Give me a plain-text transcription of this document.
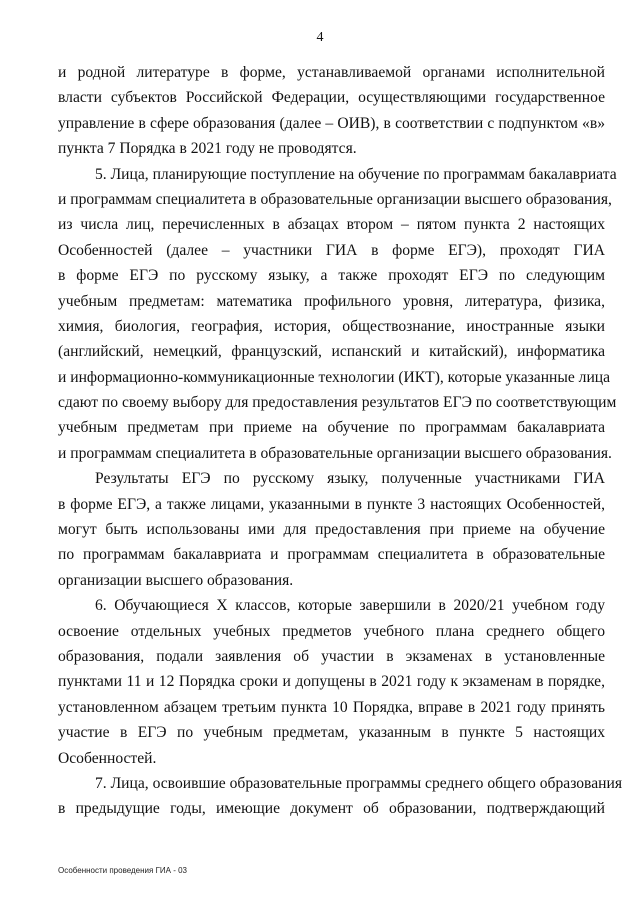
4
и родной литературе в форме, устанавливаемой органами исполнительной
власти субъектов Российской Федерации, осуществляющими государственное
управление в сфере образования (далее – ОИВ), в соответствии с подпунктом «в»
пункта 7 Порядка в 2021 году не проводятся.
5. Лица, планирующие поступление на обучение по программам бакалавриата
и программам специалитета в образовательные организации высшего образования,
из числа лиц, перечисленных в абзацах втором – пятом пункта 2 настоящих
Особенностей (далее – участники ГИА в форме ЕГЭ), проходят ГИА
в форме ЕГЭ по русскому языку, а также проходят ЕГЭ по следующим
учебным предметам: математика профильного уровня, литература, физика,
химия, биология, география, история, обществознание, иностранные языки
(английский, немецкий, французский, испанский и китайский), информатика
и информационно-коммуникационные технологии (ИКТ), которые указанные лица
сдают по своему выбору для предоставления результатов ЕГЭ по соответствующим
учебным предметам при приеме на обучение по программам бакалавриата
и программам специалитета в образовательные организации высшего образования.
Результаты ЕГЭ по русскому языку, полученные участниками ГИА
в форме ЕГЭ, а также лицами, указанными в пункте 3 настоящих Особенностей,
могут быть использованы ими для предоставления при приеме на обучение
по программам бакалавриата и программам специалитета в образовательные
организации высшего образования.
6. Обучающиеся X классов, которые завершили в 2020/21 учебном году
освоение отдельных учебных предметов учебного плана среднего общего
образования, подали заявления об участии в экзаменах в установленные
пунктами 11 и 12 Порядка сроки и допущены в 2021 году к экзаменам в порядке,
установленном абзацем третьим пункта 10 Порядка, вправе в 2021 году принять
участие в ЕГЭ по учебным предметам, указанным в пункте 5 настоящих
Особенностей.
7. Лица, освоившие образовательные программы среднего общего образования
в предыдущие годы, имеющие документ об образовании, подтверждающий
Особенности проведения ГИА - 03
